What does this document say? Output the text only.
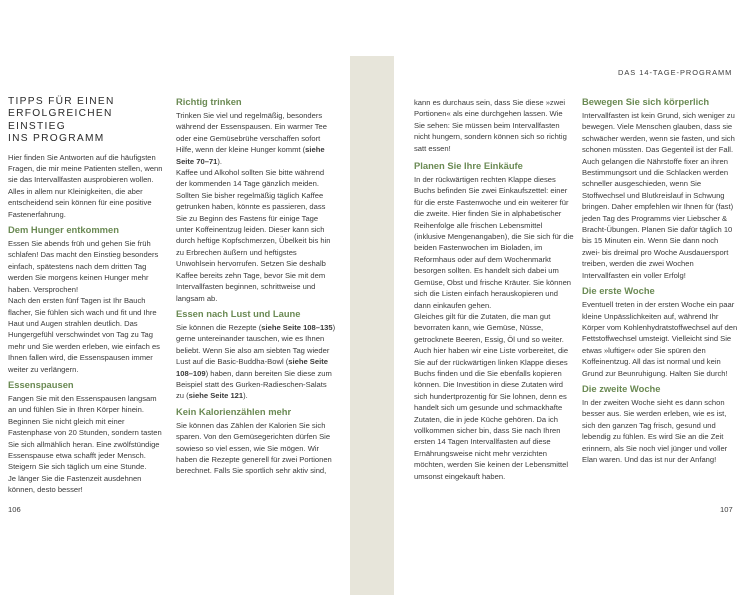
DAS 14-TAGE-PROGRAMM
TIPPS FÜR EINEN
ERFOLGREICHEN EINSTIEG
INS PROGRAMM

Hier finden Sie Antworten auf die häufigsten Fragen, die mir meine Patienten stellen, wenn sie das Intervallfasten ausprobieren wollen. Alles in allem nur Kleinigkeiten, die aber entscheidend sein können für eine positive Fastenerfahrung.

Dem Hunger entkommen

Essen Sie abends früh und gehen Sie früh schlafen! Das macht den Einstieg besonders einfach, spätestens nach dem dritten Tag werden Sie morgens keinen Hunger mehr haben. Versprochen!

Nach den ersten fünf Tagen ist Ihr Bauch flacher, Sie fühlen sich wach und fit und Ihre Haut und Augen strahlen deutlich. Das Hungergefühl verschwindet von Tag zu Tag mehr und Sie werden erleben, wie einfach es Ihnen fallen wird, die Essenspausen immer weiter zu verlängern.

Essenspausen

Fangen Sie mit den Essenspausen langsam an und fühlen Sie in Ihren Körper hinein. Beginnen Sie nicht gleich mit einer Fastenphase von 20 Stunden, sondern tasten Sie sich allmählich heran. Eine zwölfstündige Essenspause etwa schafft jeder Mensch. Steigern Sie sich täglich um eine Stunde.

Je länger Sie die Fastenzeit ausdehnen können, desto besser!

Richtig trinken

Trinken Sie viel und regelmäßig, besonders während der Essenspausen. Ein warmer Tee oder eine Gemüsebrühe verschaffen sofort Hilfe, wenn der kleine Hunger kommt (siehe Seite 70–71).

Kaffee und Alkohol sollten Sie bitte während der kommenden 14 Tage gänzlich meiden. Sollten Sie bisher regelmäßig täglich Kaffee getrunken haben, könnte es passieren, dass Sie zu Beginn des Fastens für einige Tage unter Koffeinentzug leiden. Dieser kann sich durch heftige Kopfschmerzen, Übelkeit bis hin zu Erbrechen äußern und heftigstes Unwohlsein hervorrufen. Setzen Sie deshalb Kaffee bereits zehn Tage, bevor Sie mit dem Intervallfasten beginnen, schrittweise und langsam ab.

Essen nach Lust und Laune

Sie können die Rezepte (siehe Seite 108–135) gerne untereinander tauschen, wie es Ihnen beliebt. Wenn Sie also am siebten Tag wieder Lust auf die Basic-Buddha-Bowl (siehe Seite 108–109) haben, dann bereiten Sie diese zum Beispiel statt des Gurken-Radieschen-Salats zu (siehe Seite 121).

Kein Kalorienzählen mehr

Sie können das Zählen der Kalorien Sie sich sparen. Von den Gemüsegerichten dürfen Sie sowieso so viel essen, wie Sie mögen. Wir haben die Rezepte generell für zwei Portionen berechnet. Falls Sie sportlich sehr aktiv sind,

kann es durchaus sein, dass Sie diese »zwei Portionen« als eine durchgehen lassen. Wie Sie sehen: Sie müssen beim Intervallfasten nicht hungern, sondern können sich so richtig satt essen!

Planen Sie Ihre Einkäufe

In der rückwärtigen rechten Klappe dieses Buchs befinden Sie zwei Einkaufszettel: einer für die erste Fastenwoche und ein weiterer für die zweite. Hier finden Sie in alphabetischer Reihenfolge alle frischen Lebensmittel (inklusive Mengenangaben), die Sie sich für die beiden Fastenwochen im Bioladen, im Reformhaus oder auf dem Wochenmarkt besorgen sollten. Es handelt sich dabei um Gemüse, Obst und frische Kräuter. Sie können sich die Listen einfach herauskopieren und dann einkaufen gehen.

Gleiches gilt für die Zutaten, die man gut bevorraten kann, wie Gemüse, Nüsse, getrocknete Beeren, Essig, Öl und so weiter. Auch hier haben wir eine Liste vorbereitet, die Sie auf der rückwärtigen linken Klappe dieses Buchs finden und die Sie ebenfalls kopieren können. Die Investition in diese Zutaten wird sich hundertprozentig für Sie lohnen, denn es handelt sich um gesunde und schmackhafte Zutaten, die in jede Küche gehören. Da ich vollkommen sicher bin, dass Sie nach Ihren ersten 14 Tagen Intervallfasten auf diese Ernährungsweise nicht mehr verzichten möchten, werden Sie keinen der Lebensmittel umsonst eingekauft haben.

Bewegen Sie sich körperlich

Intervallfasten ist kein Grund, sich weniger zu bewegen. Viele Menschen glauben, dass sie schwächer werden, wenn sie fasten, und sich schonen müssten. Das Gegenteil ist der Fall. Auch gelangen die Nährstoffe fixer an ihren Bestimmungsort und die Schlacken werden schneller ausgeschieden, wenn Sie Stoffwechsel und Blutkreislauf in Schwung bringen. Daher empfehlen wir Ihnen für (fast) jeden Tag des Programms vier Liebscher & Bracht-Übungen. Planen Sie dafür täglich 10 bis 15 Minuten ein. Wenn Sie dann noch zwei- bis dreimal pro Woche Ausdauersport treiben, werden die zwei Wochen Intervallfasten ein voller Erfolg!

Die erste Woche

Eventuell treten in der ersten Woche ein paar kleine Unpässlichkeiten auf, während Ihr Körper vom Kohlenhydratstoffwechsel auf den Fettstoffwechsel umsteigt. Vielleicht sind Sie etwas »luftiger« oder Sie spüren den Koffeinentzug. All das ist normal und kein Grund zur Beunruhigung. Halten Sie durch!

Die zweite Woche

In der zweiten Woche sieht es dann schon besser aus. Sie werden erleben, wie es ist, sich den ganzen Tag frisch, gesund und lebendig zu fühlen. Es wird Sie an die Zeit erinnern, als Sie noch viel jünger und voller Elan waren. Und das ist nur der Anfang!

106	107
